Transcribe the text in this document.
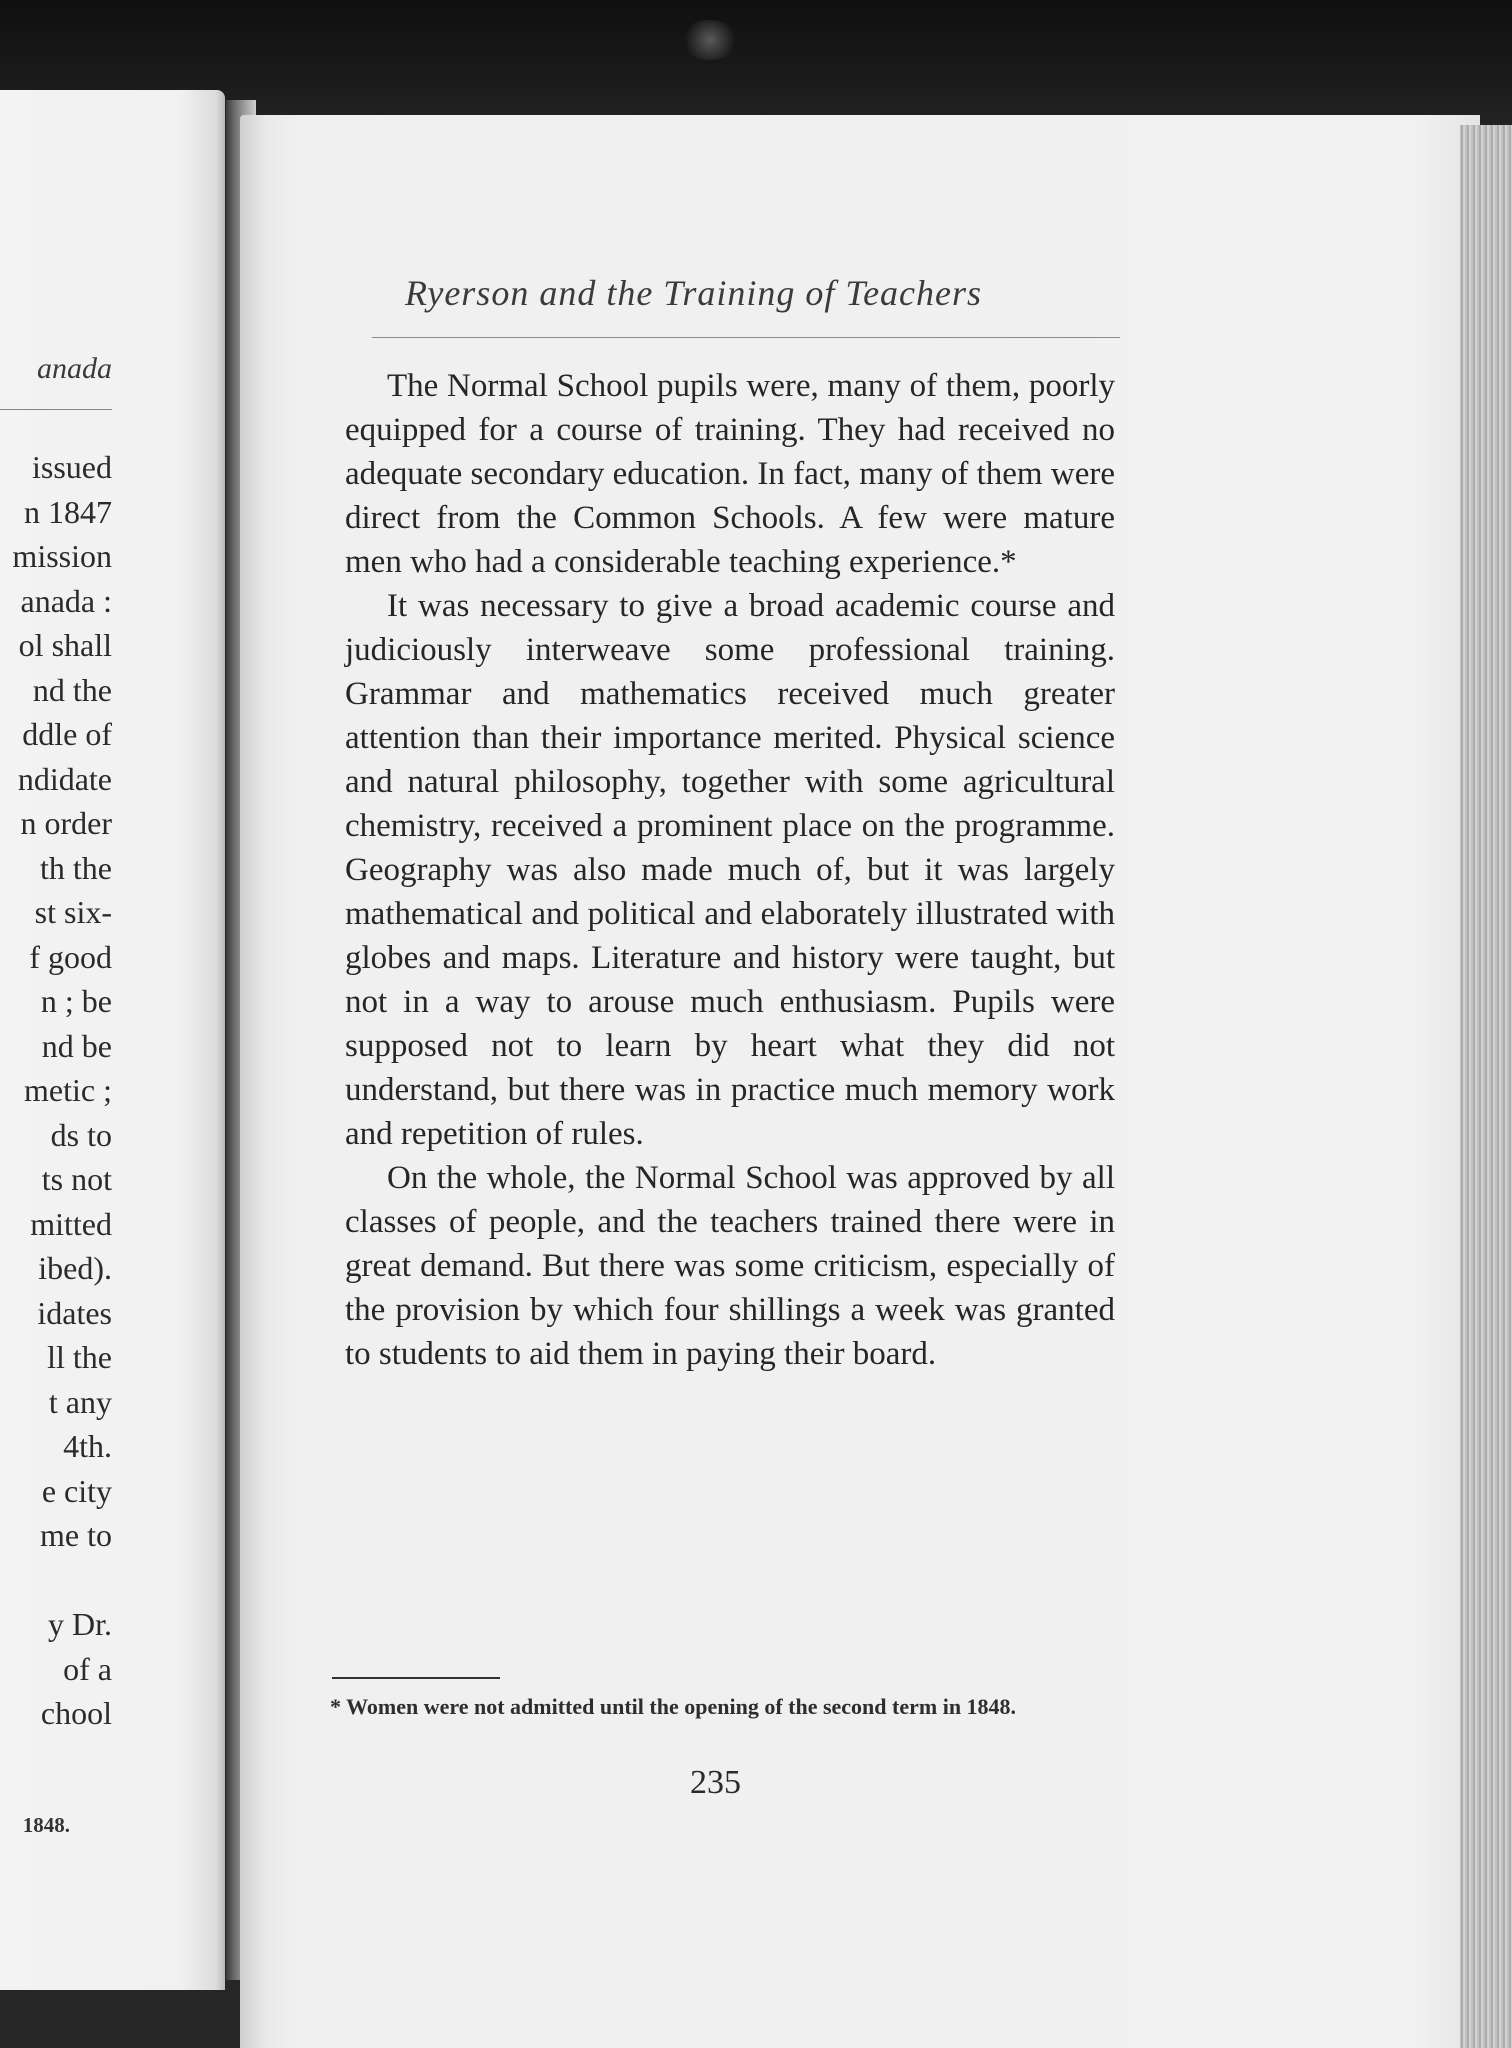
anada
issued
n 1847
mission
anada :
ol shall
nd the
ddle of
ndidate
n order
th the
st six-
f good
n ; be
nd be
metic ;
ds to
ts not
mitted
ibed).
idates
ll the
t any
4th.
e city
me to
y Dr.
of a
chool
1848.
Ryerson and the Training of Teachers

The Normal School pupils were, many of them, poorly equipped for a course of training. They had received no adequate secondary education. In fact, many of them were direct from the Common Schools. A few were mature men who had a considerable teaching experience.*

It was necessary to give a broad academic course and judiciously interweave some professional training. Grammar and mathematics received much greater attention than their importance merited. Physical science and natural philosophy, together with some agricultural chemistry, received a prominent place on the programme. Geography was also made much of, but it was largely mathematical and political and elaborately illustrated with globes and maps. Literature and history were taught, but not in a way to arouse much enthusiasm. Pupils were supposed not to learn by heart what they did not understand, but there was in practice much memory work and repetition of rules.

On the whole, the Normal School was approved by all classes of people, and the teachers trained there were in great demand. But there was some criticism, especially of the provision by which four shillings a week was granted to students to aid them in paying their board.

* Women were not admitted until the opening of the second term in 1848.
235
